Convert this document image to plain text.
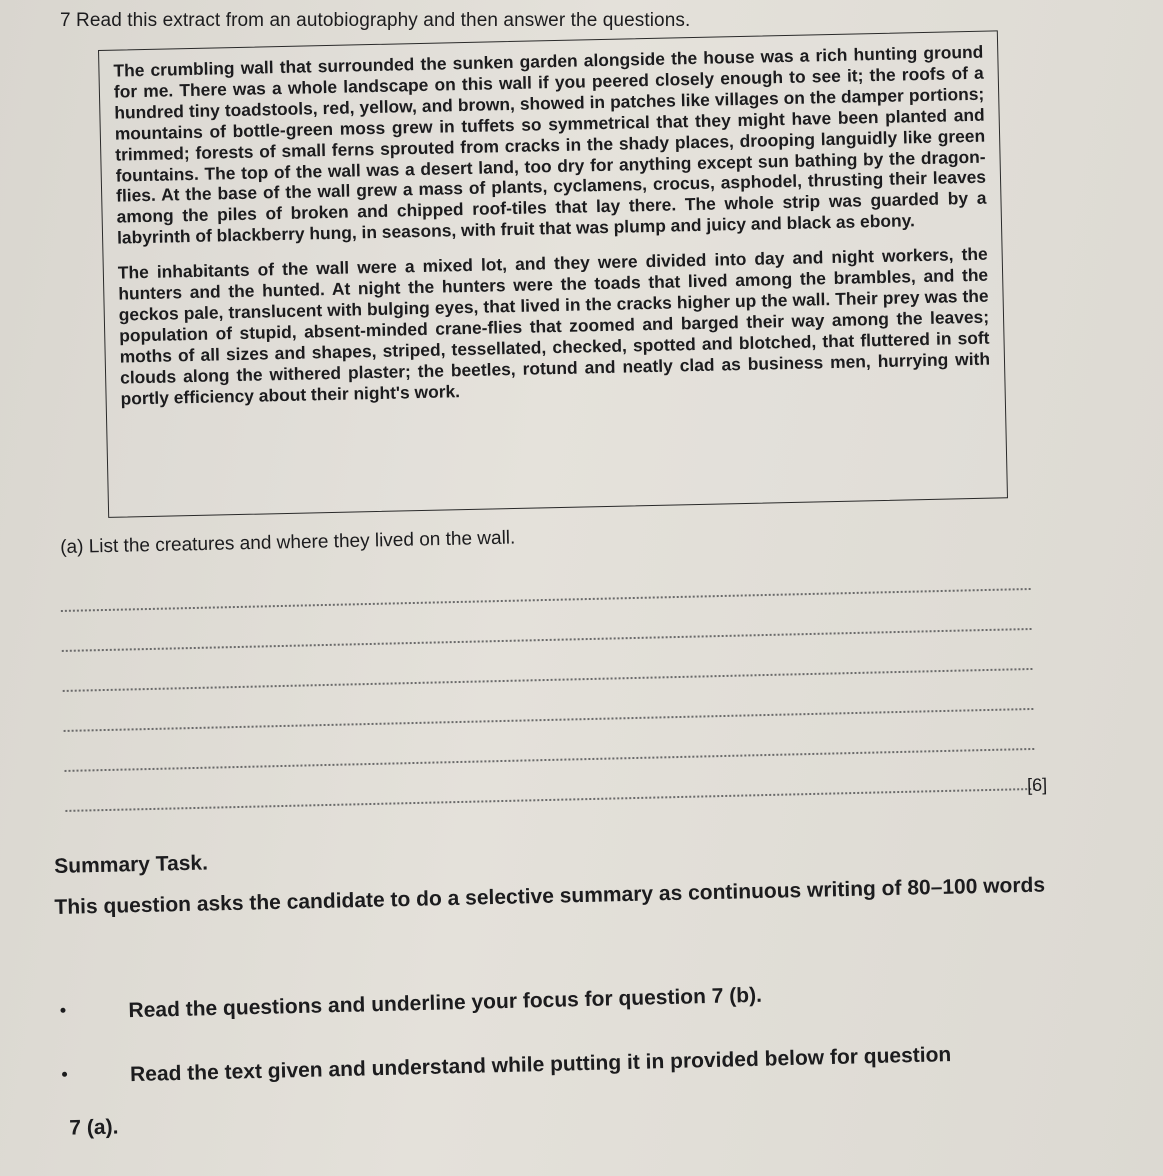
7 Read this extract from an autobiography and then answer the questions.

The crumbling wall that surrounded the sunken garden alongside the house was a rich hunting ground for me. There was a whole landscape on this wall if you peered closely enough to see it; the roofs of a hundred tiny toadstools, red, yellow, and brown, showed in patches like villages on the damper portions; mountains of bottle-green moss grew in tuffets so symmetrical that they might have been planted and trimmed; forests of small ferns sprouted from cracks in the shady places, drooping languidly like green fountains. The top of the wall was a desert land, too dry for anything except sun bathing by the dragon-flies. At the base of the wall grew a mass of plants, cyclamens, crocus, asphodel, thrusting their leaves among the piles of broken and chipped roof-tiles that lay there. The whole strip was guarded by a labyrinth of blackberry hung, in seasons, with fruit that was plump and juicy and black as ebony.

The inhabitants of the wall were a mixed lot, and they were divided into day and night workers, the hunters and the hunted. At night the hunters were the toads that lived among the brambles, and the geckos pale, translucent with bulging eyes, that lived in the cracks higher up the wall. Their prey was the population of stupid, absent-minded crane-flies that zoomed and barged their way among the leaves; moths of all sizes and shapes, striped, tessellated, checked, spotted and blotched, that fluttered in soft clouds along the withered plaster; the beetles, rotund and neatly clad as business men, hurrying with portly efficiency about their night's work.

(a) List the creatures and where they lived on the wall.
[6]
Summary Task.
This question asks the candidate to do a selective summary as continuous writing of 80–100 words
Read the questions and underline your focus for question 7 (b).
Read the text given and understand while putting it in provided below for question
7 (a).
